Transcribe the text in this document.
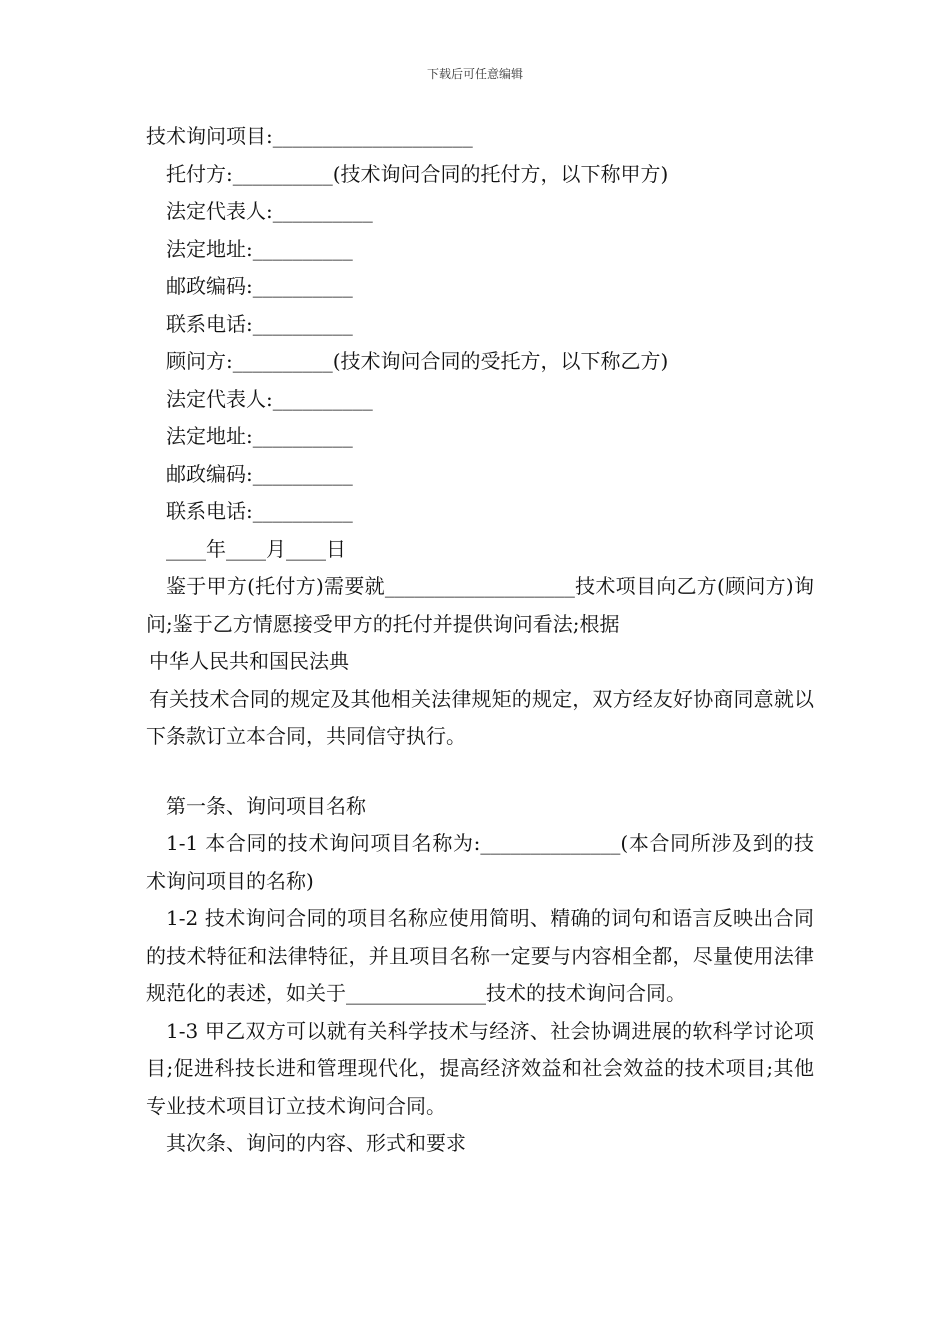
下载后可任意编辑
技术询问项目:____________________
托付方:__________(技术询问合同的托付方，以下称甲方)
法定代表人:__________
法定地址:__________
邮政编码:__________
联系电话:__________
顾问方:__________(技术询问合同的受托方，以下称乙方)
法定代表人:__________
法定地址:__________
邮政编码:__________
联系电话:__________
____年____月____日
鉴于甲方(托付方)需要就___________________技术项目向乙方(顾问方)询问;鉴于乙方情愿接受甲方的托付并提供询问看法;根据
中华人民共和国民法典
有关技术合同的规定及其他相关法律规矩的规定，双方经友好协商同意就以下条款订立本合同，共同信守执行。
第一条、询问项目名称
1-1 本合同的技术询问项目名称为:______________(本合同所涉及到的技术询问项目的名称)
1-2 技术询问合同的项目名称应使用简明、精确的词句和语言反映出合同的技术特征和法律特征，并且项目名称一定要与内容相全都，尽量使用法律规范化的表述，如关于______________技术的技术询问合同。
1-3 甲乙双方可以就有关科学技术与经济、社会协调进展的软科学讨论项目;促进科技长进和管理现代化，提高经济效益和社会效益的技术项目;其他专业技术项目订立技术询问合同。
其次条、询问的内容、形式和要求
